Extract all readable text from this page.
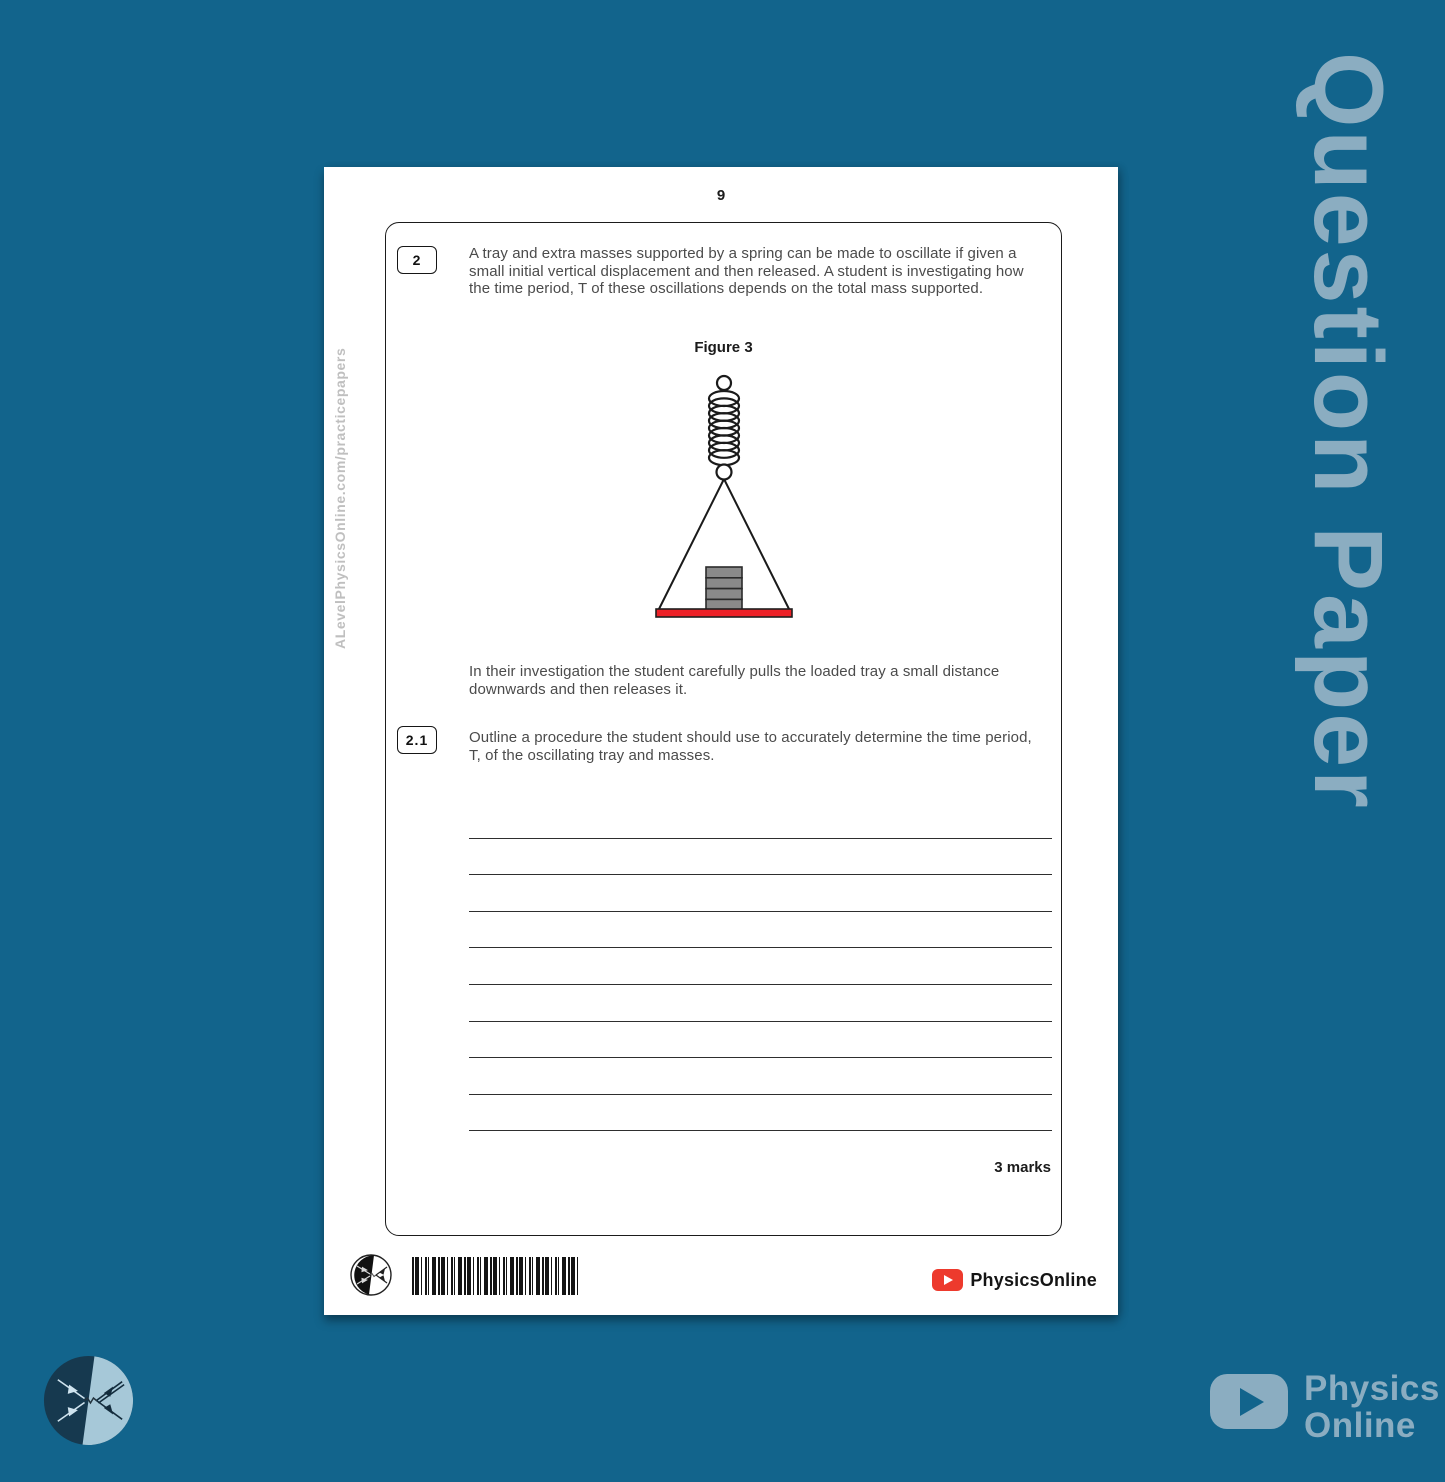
Question Paper
9
ALevelPhysicsOnline.com/practicepapers
2	A tray and extra masses supported by a spring can be made to oscillate if given a small initial vertical displacement and then released. A student is investigating how the time period, T of these oscillations depends on the total mass supported.
Figure 3
In their investigation the student carefully pulls the loaded tray a small distance downwards and then releases it.
2.1	Outline a procedure the student should use to accurately determine the time period, T, of the oscillating tray and masses.
3 marks
PhysicsOnline
Physics
Online
